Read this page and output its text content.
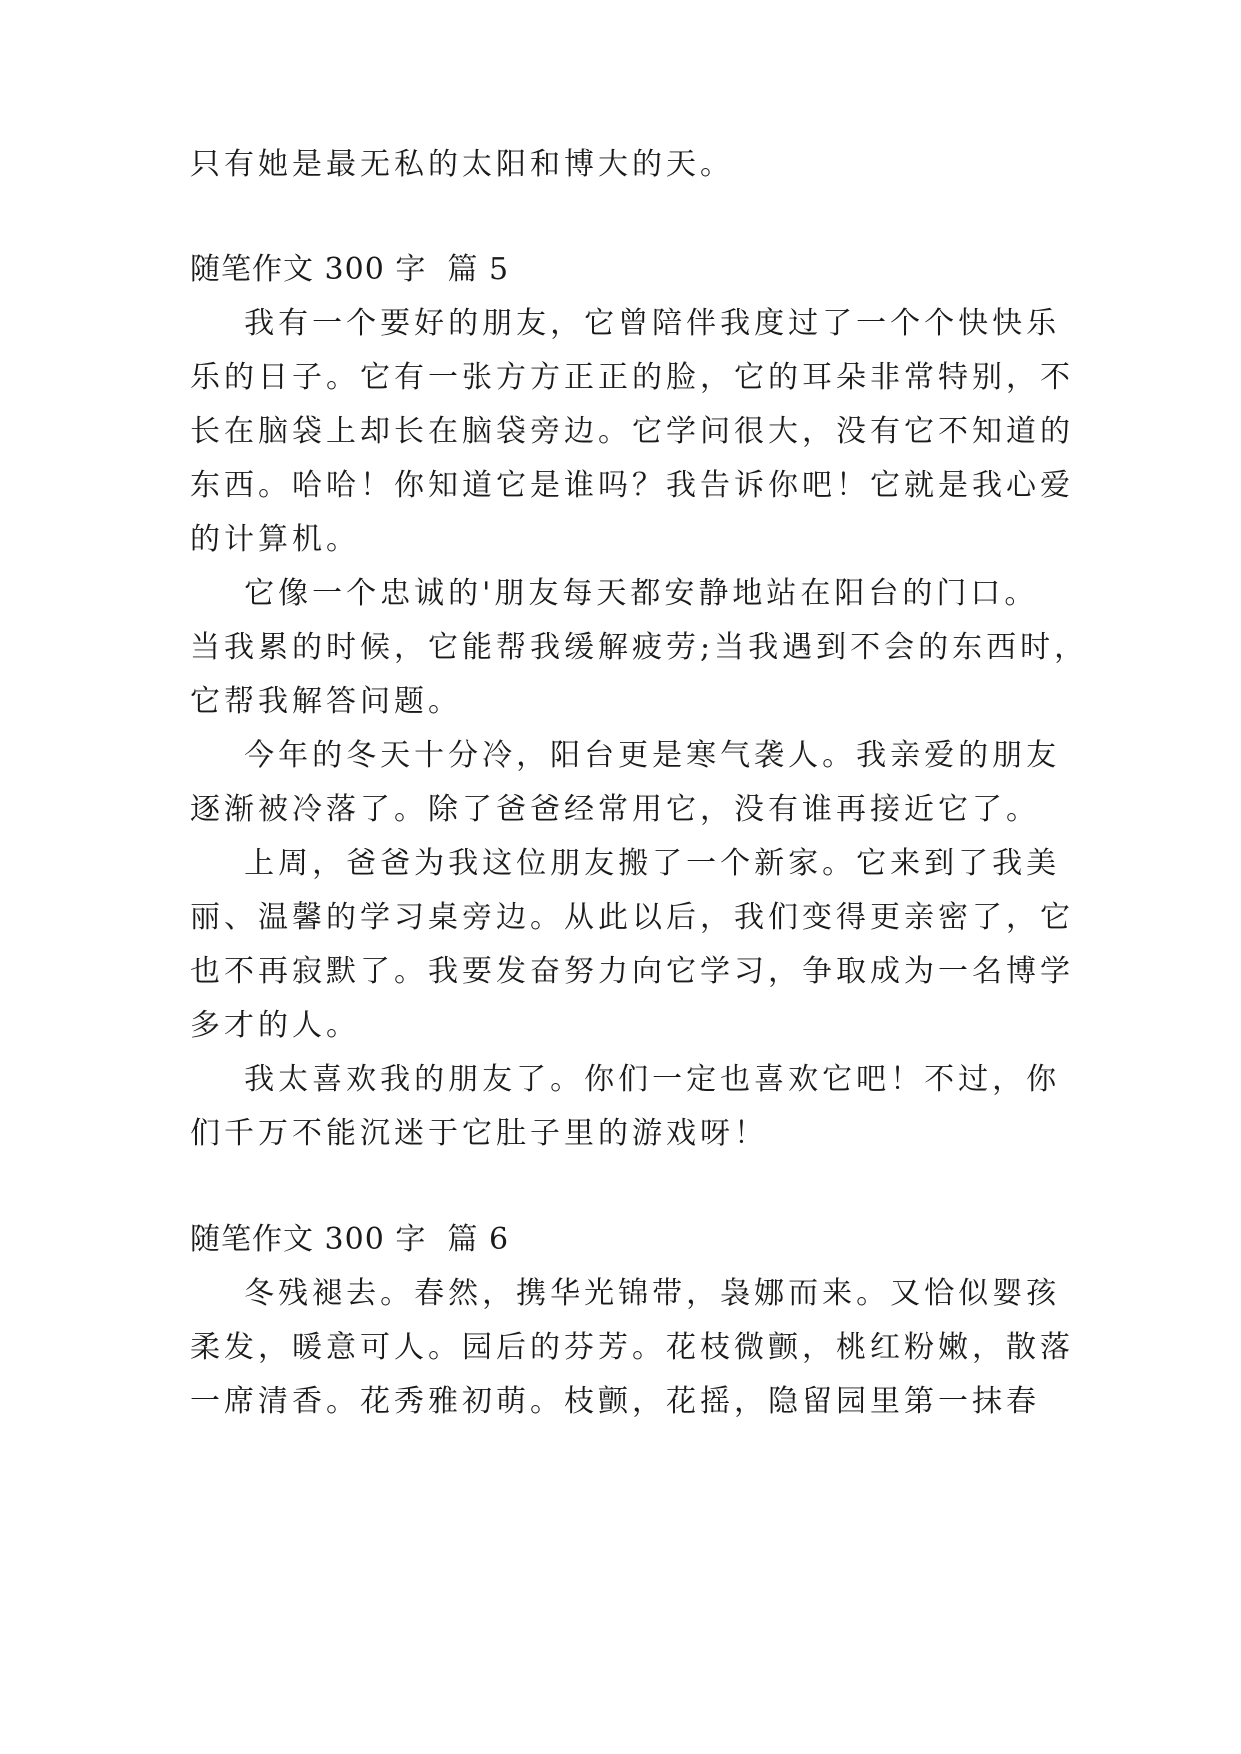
只有她是最无私的太阳和博大的天。
随笔作文 300 字  篇 5
我有一个要好的朋友，它曾陪伴我度过了一个个快快乐
乐的日子。它有一张方方正正的脸，它的耳朵非常特别，不
长在脑袋上却长在脑袋旁边。它学问很大，没有它不知道的
东西。哈哈！你知道它是谁吗？我告诉你吧！它就是我心爱
的计算机。
它像一个忠诚的'朋友每天都安静地站在阳台的门口。
当我累的时候，它能帮我缓解疲劳;当我遇到不会的东西时，
它帮我解答问题。
今年的冬天十分冷，阳台更是寒气袭人。我亲爱的朋友
逐渐被冷落了。除了爸爸经常用它，没有谁再接近它了。
上周，爸爸为我这位朋友搬了一个新家。它来到了我美
丽、温馨的学习桌旁边。从此以后，我们变得更亲密了，它
也不再寂默了。我要发奋努力向它学习，争取成为一名博学
多才的人。
我太喜欢我的朋友了。你们一定也喜欢它吧！不过，你
们千万不能沉迷于它肚子里的游戏呀！
随笔作文 300 字  篇 6
冬残褪去。春然，携华光锦带，袅娜而来。又恰似婴孩
柔发，暖意可人。园后的芬芳。花枝微颤，桃红粉嫩，散落
一席清香。花秀雅初萌。枝颤，花摇，隐留园里第一抹春
